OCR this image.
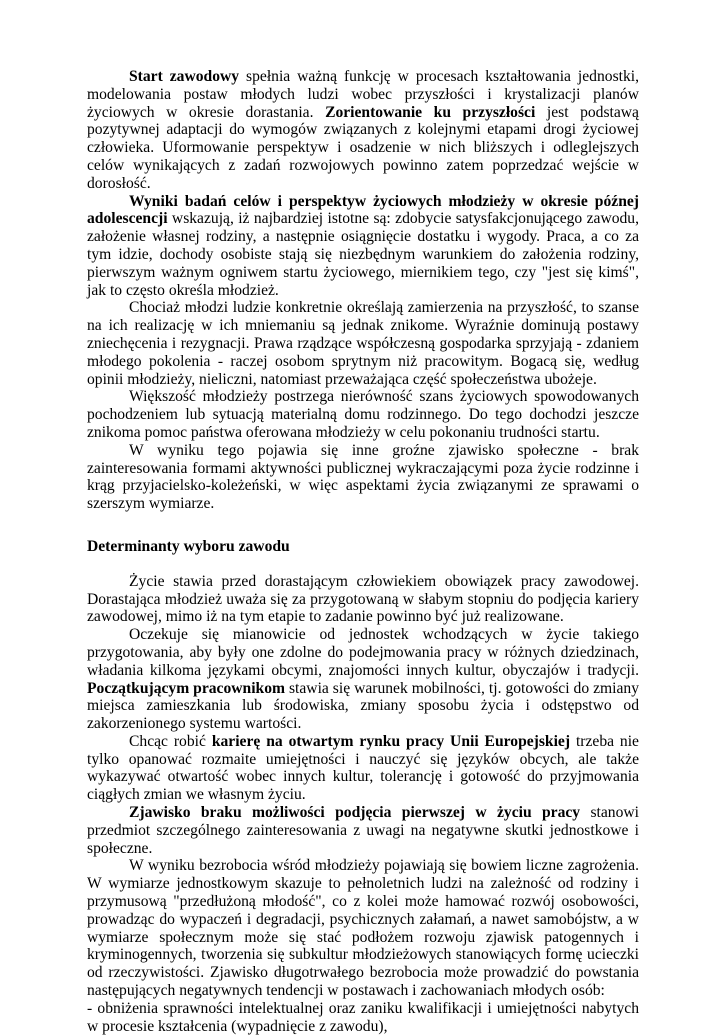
Start zawodowy spełnia ważną funkcję w procesach kształtowania jednostki, modelowania postaw młodych ludzi wobec przyszłości i krystalizacji planów życiowych w okresie dorastania. Zorientowanie ku przyszłości jest podstawą pozytywnej adaptacji do wymogów związanych z kolejnymi etapami drogi życiowej człowieka. Uformowanie perspektyw i osadzenie w nich bliższych i odleglejszych celów wynikających z zadań rozwojowych powinno zatem poprzedzać wejście w dorosłość.

Wyniki badań celów i perspektyw życiowych młodzieży w okresie późnej adolescencji wskazują, iż najbardziej istotne są: zdobycie satysfakcjonującego zawodu, założenie własnej rodziny, a następnie osiągnięcie dostatku i wygody. Praca, a co za tym idzie, dochody osobiste stają się niezbędnym warunkiem do założenia rodziny, pierwszym ważnym ogniwem startu życiowego, miernikiem tego, czy "jest się kimś", jak to często określa młodzież.

Chociaż młodzi ludzie konkretnie określają zamierzenia na przyszłość, to szanse na ich realizację w ich mniemaniu są jednak znikome. Wyraźnie dominują postawy zniechęcenia i rezygnacji. Prawa rządzące współczesną gospodarka sprzyjają - zdaniem młodego pokolenia - raczej osobom sprytnym niż pracowitym. Bogacą się, według opinii młodzieży, nieliczni, natomiast przeważająca część społeczeństwa ubożeje.

Większość młodzieży postrzega nierówność szans życiowych spowodowanych pochodzeniem lub sytuacją materialną domu rodzinnego. Do tego dochodzi jeszcze znikoma pomoc państwa oferowana młodzieży w celu pokonaniu trudności startu.

W wyniku tego pojawia się inne groźne zjawisko społeczne - brak zainteresowania formami aktywności publicznej wykraczającymi poza życie rodzinne i krąg przyjacielsko-koleżeński, w więc aspektami życia związanymi ze sprawami o szerszym wymiarze.

Determinanty wyboru zawodu

Życie stawia przed dorastającym człowiekiem obowiązek pracy zawodowej. Dorastająca młodzież uważa się za przygotowaną w słabym stopniu do podjęcia kariery zawodowej, mimo iż na tym etapie to zadanie powinno być już realizowane.

Oczekuje się mianowicie od jednostek wchodzących w życie takiego przygotowania, aby były one zdolne do podejmowania pracy w różnych dziedzinach, władania kilkoma językami obcymi, znajomości innych kultur, obyczajów i tradycji. Początkującym pracownikom stawia się warunek mobilności, tj. gotowości do zmiany miejsca zamieszkania lub środowiska, zmiany sposobu życia i odstępstwo od zakorzenionego systemu wartości.

Chcąc robić karierę na otwartym rynku pracy Unii Europejskiej trzeba nie tylko opanować rozmaite umiejętności i nauczyć się języków obcych, ale także wykazywać otwartość wobec innych kultur, tolerancję i gotowość do przyjmowania ciągłych zmian we własnym życiu.

Zjawisko braku możliwości podjęcia pierwszej w życiu pracy stanowi przedmiot szczególnego zainteresowania z uwagi na negatywne skutki jednostkowe i społeczne.

W wyniku bezrobocia wśród młodzieży pojawiają się bowiem liczne zagrożenia. W wymiarze jednostkowym skazuje to pełnoletnich ludzi na zależność od rodziny i przymusową "przedłużoną młodość", co z kolei może hamować rozwój osobowości, prowadząc do wypaczeń i degradacji, psychicznych załamań, a nawet samobójstw, a w wymiarze społecznym może się stać podłożem rozwoju zjawisk patogennych i kryminogennych, tworzenia się subkultur młodzieżowych stanowiących formę ucieczki od rzeczywistości. Zjawisko długotrwałego bezrobocia może prowadzić do powstania następujących negatywnych tendencji w postawach i zachowaniach młodych osób:

- obniżenia sprawności intelektualnej oraz zaniku kwalifikacji i umiejętności nabytych w procesie kształcenia (wypadnięcie z zawodu),
